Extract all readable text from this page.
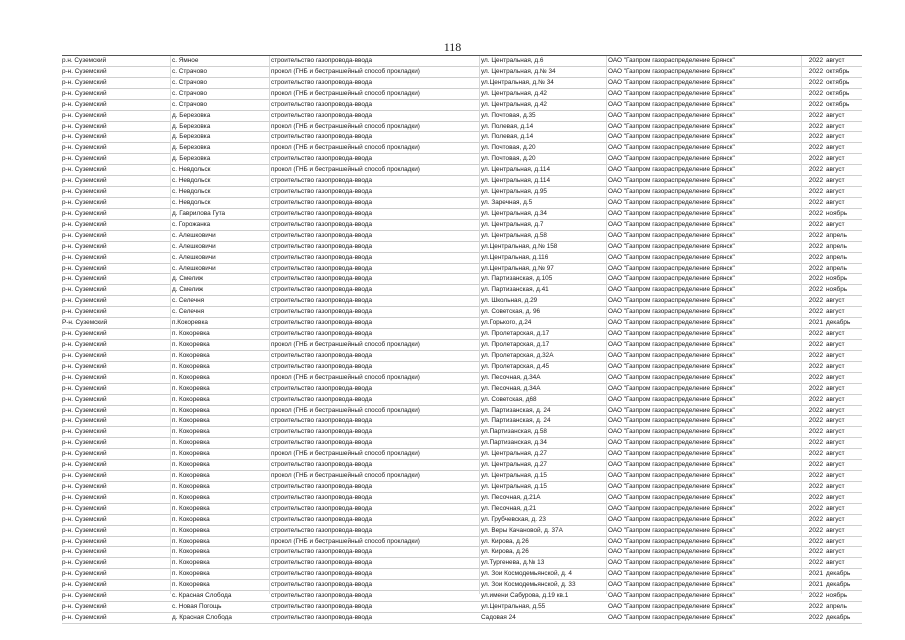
118
р.н. Суземский	с. Ямное	строительство газопровода-ввода	ул. Центральная, д.6	ОАО "Газпром газораспределение Брянск"	2022 август
р-н. Суземский	с. Страчово	прокол (ГНБ и бестраншейный способ прокладки)	ул. Центральная, д.№ 34	ОАО "Газпром газораспределение Брянск"	2022 октябрь
р-н. Суземский	с. Страчово	строительство газопровода-ввода	ул.Центральная, д.№ 34	ОАО "Газпром газораспределение Брянск"	2022 октябрь
р-н. Суземский	с. Страчово	прокол (ГНБ и бестраншейный способ прокладки)	ул. Центральная, д.42	ОАО "Газпром газораспределение Брянск"	2022 октябрь
р-н. Суземский	с. Страчово	строительство газопровода-ввода	ул. Центральная, д.42	ОАО "Газпром газораспределение Брянск"	2022 октябрь
р-н. Суземский	д. Березовка	строительство газопровода-ввода	ул. Почтовая, д.35	ОАО "Газпром газораспределение Брянск"	2022 август
р-н. Суземский	д. Березовка	прокол (ГНБ и бестраншейный способ прокладки)	ул. Полевая, д.14	ОАО "Газпром газораспределение Брянск"	2022 август
р-н. Суземский	д. Березовка	строительство газопровода-ввода	ул. Полевая, д.14	ОАО "Газпром газораспределение Брянск"	2022 август
р-н. Суземский	д. Березовка	прокол (ГНБ и бестраншейный способ прокладки)	ул. Почтовая, д.20	ОАО "Газпром газораспределение Брянск"	2022 август
р-н. Суземский	д. Березовка	строительство газопровода-ввода	ул. Почтовая, д.20	ОАО "Газпром газораспределение Брянск"	2022 август
р-н. Суземский	с. Невдольск	прокол (ГНБ и бестраншейный способ прокладки)	ул. Центральная, д.114	ОАО "Газпром газораспределение Брянск"	2022 август
р-н. Суземский	с. Невдольск	строительство газопровода-ввода	ул. Центральная, д.114	ОАО "Газпром газораспределение Брянск"	2022 август
р-н. Суземский	с. Невдольск	строительство газопровода-ввода	ул. Центральная, д.95	ОАО "Газпром газораспределение Брянск"	2022 август
р-н. Суземский	с. Невдольск	строительство газопровода-ввода	ул. Заречная, д.5	ОАО "Газпром газораспределение Брянск"	2022 август
р-н. Суземский	д. Гаврилова Гута	строительство газопровода-ввода	ул. Центральная, д.34	ОАО "Газпром газораспределение Брянск"	2022 ноябрь
р-н. Суземский	с. Горожанка	строительство газопровода-ввода	ул. Центральная, д.7	ОАО "Газпром газораспределение Брянск"	2022 август
р-н. Суземский	с. Алешковичи	строительство газопровода-ввода	ул. Центральная, д.58	ОАО "Газпром газораспределение Брянск"	2022 апрель
р-н. Суземский	с. Алешковичи	строительство газопровода-ввода	ул.Центральная, д.№ 158	ОАО "Газпром газораспределение Брянск"	2022 апрель
р-н. Суземский	с. Алешковичи	строительство газопровода-ввода	ул.Центральная, д.116	ОАО "Газпром газораспределение Брянск"	2022 апрель
р-н. Суземский	с. Алешковичи	строительство газопровода-ввода	ул.Центральная, д.№ 97	ОАО "Газпром газораспределение Брянск"	2022 апрель
р-н. Суземский	д. Смелиж	строительство газопровода-ввода	ул. Партизанская, д.105	ОАО "Газпром газораспределение Брянск"	2022 ноябрь
р-н. Суземский	д. Смелиж	строительство газопровода-ввода	ул. Партизанская, д.41	ОАО "Газпром газораспределение Брянск"	2022 ноябрь
р-н. Суземский	с. Селечня	строительство газопровода-ввода	ул. Школьная, д.29	ОАО "Газпром газораспределение Брянск"	2022 август
р-н. Суземский	с. Селечня	строительство газопровода-ввода	ул. Советская, д. 96	ОАО "Газпром газораспределение Брянск"	2022 август
Р-н. Суземский	п.Кокоревка	строительство газопровода-ввода	ул.Горького, д.24	ОАО "Газпром газораспределение Брянск"	2021 декабрь
р-н. Суземский	п. Кокоревка	строительство газопровода-ввода	ул. Пролетарская, д.17	ОАО "Газпром газораспределение Брянск"	2022 август
р-н. Суземский	п. Кокоревка	прокол (ГНБ и бестраншейный способ прокладки)	ул. Пролетарская, д.17	ОАО "Газпром газораспределение Брянск"	2022 август
р-н. Суземский	п. Кокоревка	строительство газопровода-ввода	ул. Пролетарская, д.32А	ОАО "Газпром газораспределение Брянск"	2022 август
р-н. Суземский	п. Кокоревка	строительство газопровода-ввода	ул. Пролетарская, д.45	ОАО "Газпром газораспределение Брянск"	2022 август
р-н. Суземский	п. Кокоревка	прокол (ГНБ и бестраншейный способ прокладки)	ул. Песочная, д.34А	ОАО "Газпром газораспределение Брянск"	2022 август
р-н. Суземский	п. Кокоревка	строительство газопровода-ввода	ул. Песочная, д.34А	ОАО "Газпром газораспределение Брянск"	2022 август
р-н. Суземский	п. Кокоревка	строительство газопровода-ввода	ул. Советская, д68	ОАО "Газпром газораспределение Брянск"	2022 август
р-н. Суземский	п. Кокоревка	прокол (ГНБ и бестраншейный способ прокладки)	ул. Партизанская, д. 24	ОАО "Газпром газораспределение Брянск"	2022 август
р-н. Суземский	п. Кокоревка	строительство газопровода-ввода	ул. Партизанская, д. 24	ОАО "Газпром газораспределение Брянск"	2022 август
р-н. Суземский	п. Кокоревка	строительство газопровода-ввода	ул.Партизанская, д.58	ОАО "Газпром газораспределение Брянск"	2022 август
р-н. Суземский	п. Кокоревка	строительство газопровода-ввода	ул.Партизанская, д.34	ОАО "Газпром газораспределение Брянск"	2022 август
р-н. Суземский	п. Кокоревка	прокол (ГНБ и бестраншейный способ прокладки)	ул. Центральная, д.27	ОАО "Газпром газораспределение Брянск"	2022 август
р-н. Суземский	п. Кокоревка	строительство газопровода-ввода	ул. Центральная, д.27	ОАО "Газпром газораспределение Брянск"	2022 август
р-н. Суземский	п. Кокоревка	прокол (ГНБ и бестраншейный способ прокладки)	ул. Центральная, д.15	ОАО "Газпром газораспределение Брянск"	2022 август
р-н. Суземский	п. Кокоревка	строительство газопровода-ввода	ул. Центральная, д.15	ОАО "Газпром газораспределение Брянск"	2022 август
р-н. Суземский	п. Кокоревка	строительство газопровода-ввода	ул. Песочная, д.21А	ОАО "Газпром газораспределение Брянск"	2022 август
р-н. Суземский	п. Кокоревка	строительство газопровода-ввода	ул. Песочная, д.21	ОАО "Газпром газораспределение Брянск"	2022 август
р-н. Суземский	п. Кокоревка	строительство газопровода-ввода	ул. Грубчевская, д. 23	ОАО "Газпром газораспределение Брянск"	2022 август
р-н. Суземский	п. Кокоревка	строительство газопровода-ввода	ул. Веры Качановой, д. 37А	ОАО "Газпром газораспределение Брянск"	2022 август
р-н. Суземский	п. Кокоревка	прокол (ГНБ и бестраншейный способ прокладки)	ул. Кирова, д.26	ОАО "Газпром газораспределение Брянск"	2022 август
р-н. Суземский	п. Кокоревка	строительство газопровода-ввода	ул. Кирова, д.26	ОАО "Газпром газораспределение Брянск"	2022 август
р-н. Суземский	п. Кокоревка	строительство газопровода-ввода	ул.Тургенева, д.№ 13	ОАО "Газпром газораспределение Брянск"	2022 август
р-н. Суземский	п. Кокоревка	строительство газопровода-ввода	ул. Зои Космодемьянской, д. 4	ОАО "Газпром газораспределение Брянск"	2021 декабрь
р-н. Суземский	п. Кокоревка	строительство газопровода-ввода	ул. Зои Космодемьянской, д. 33	ОАО "Газпром газораспределение Брянск"	2021 декабрь
р-н. Суземский	с. Красная Слобода	строительство газопровода-ввода	ул.имени Сабурова, д.19 кв.1	ОАО "Газпром газораспределение Брянск"	2022 ноябрь
р-н. Суземский	с. Новая Погощь	строительство газопровода-ввода	ул.Центральная, д.55	ОАО "Газпром газораспределение Брянск"	2022 апрель
р-н. Суземский	д. Красная Слобода	строительство газопровода-ввода	Садовая 24	ОАО "Газпром газораспределение Брянск"	2022 декабрь
